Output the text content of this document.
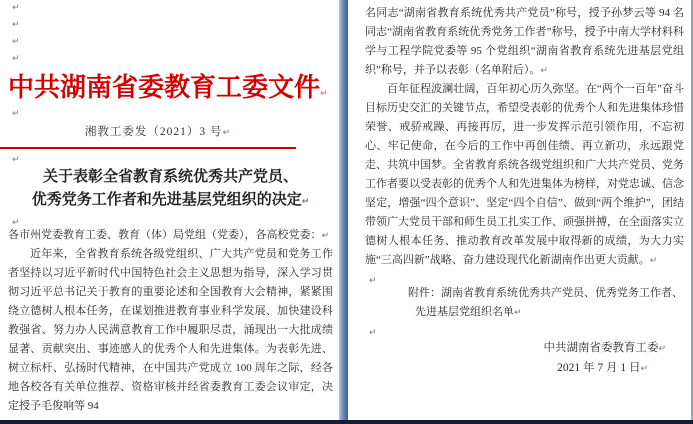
↵
↵
↵
↵
中共湖南省委教育工委文件↵
↵
湘教工委发（2021）3 号↵
↵
关于表彰全省教育系统优秀共产党员、
优秀党务工作者和先进基层党组织的决定↵
↵

各市州党委教育工委、教育（体）局党组（党委），各高校党委：↵

近年来，全省教育系统各级党组织、广大共产党员和党务工作者坚持以习近平新时代中国特色社会主义思想为指导，深入学习贯彻习近平总书记关于教育的重要论述和全国教育大会精神，紧紧围绕立德树人根本任务，在谋划推进教育事业科学发展、加快建设科教强省、努力办人民满意教育工作中履职尽责，涌现出一大批成绩显著、贡献突出、事迹感人的优秀个人和先进集体。为表彰先进、树立标杆、弘扬时代精神，在中国共产党成立 100 周年之际，经各地各校各有关单位推荐、资格审核并经省委教育工委会议审定，决定授予毛俊响等 94

名同志“湖南省教育系统优秀共产党员”称号，授予孙梦云等 94 名同志“湖南省教育系统优秀党务工作者”称号，授予中南大学材料科学与工程学院党委等 95 个党组织“湖南省教育系统先进基层党组织”称号，并予以表彰（名单附后）。↵

百年征程波澜壮阔，百年初心历久弥坚。在“两个一百年”奋斗目标历史交汇的关键节点，希望受表彰的优秀个人和先进集体珍惜荣誉、戒骄戒躁、再接再厉，进一步发挥示范引领作用，不忘初心、牢记使命，在今后的工作中再创佳绩、再立新功，永远跟党走、共筑中国梦。全省教育系统各级党组织和广大共产党员、党务工作者要以受表彰的优秀个人和先进集体为榜样，对党忠诚、信念坚定，增强“四个意识”、坚定“四个自信”、做到“两个维护”，团结带领广大党员干部和师生员工扎实工作、顽强拼搏，在全面落实立德树人根本任务、推动教育改革发展中取得新的成绩，为大力实施“三高四新”战略、奋力建设现代化新湖南作出更大贡献。↵

↵

附件：湖南省教育系统优秀共产党员、优秀党务工作者、先进基层党组织名单↵

↵
中共湖南省委教育工委↵
2021 年 7 月 1 日↵
